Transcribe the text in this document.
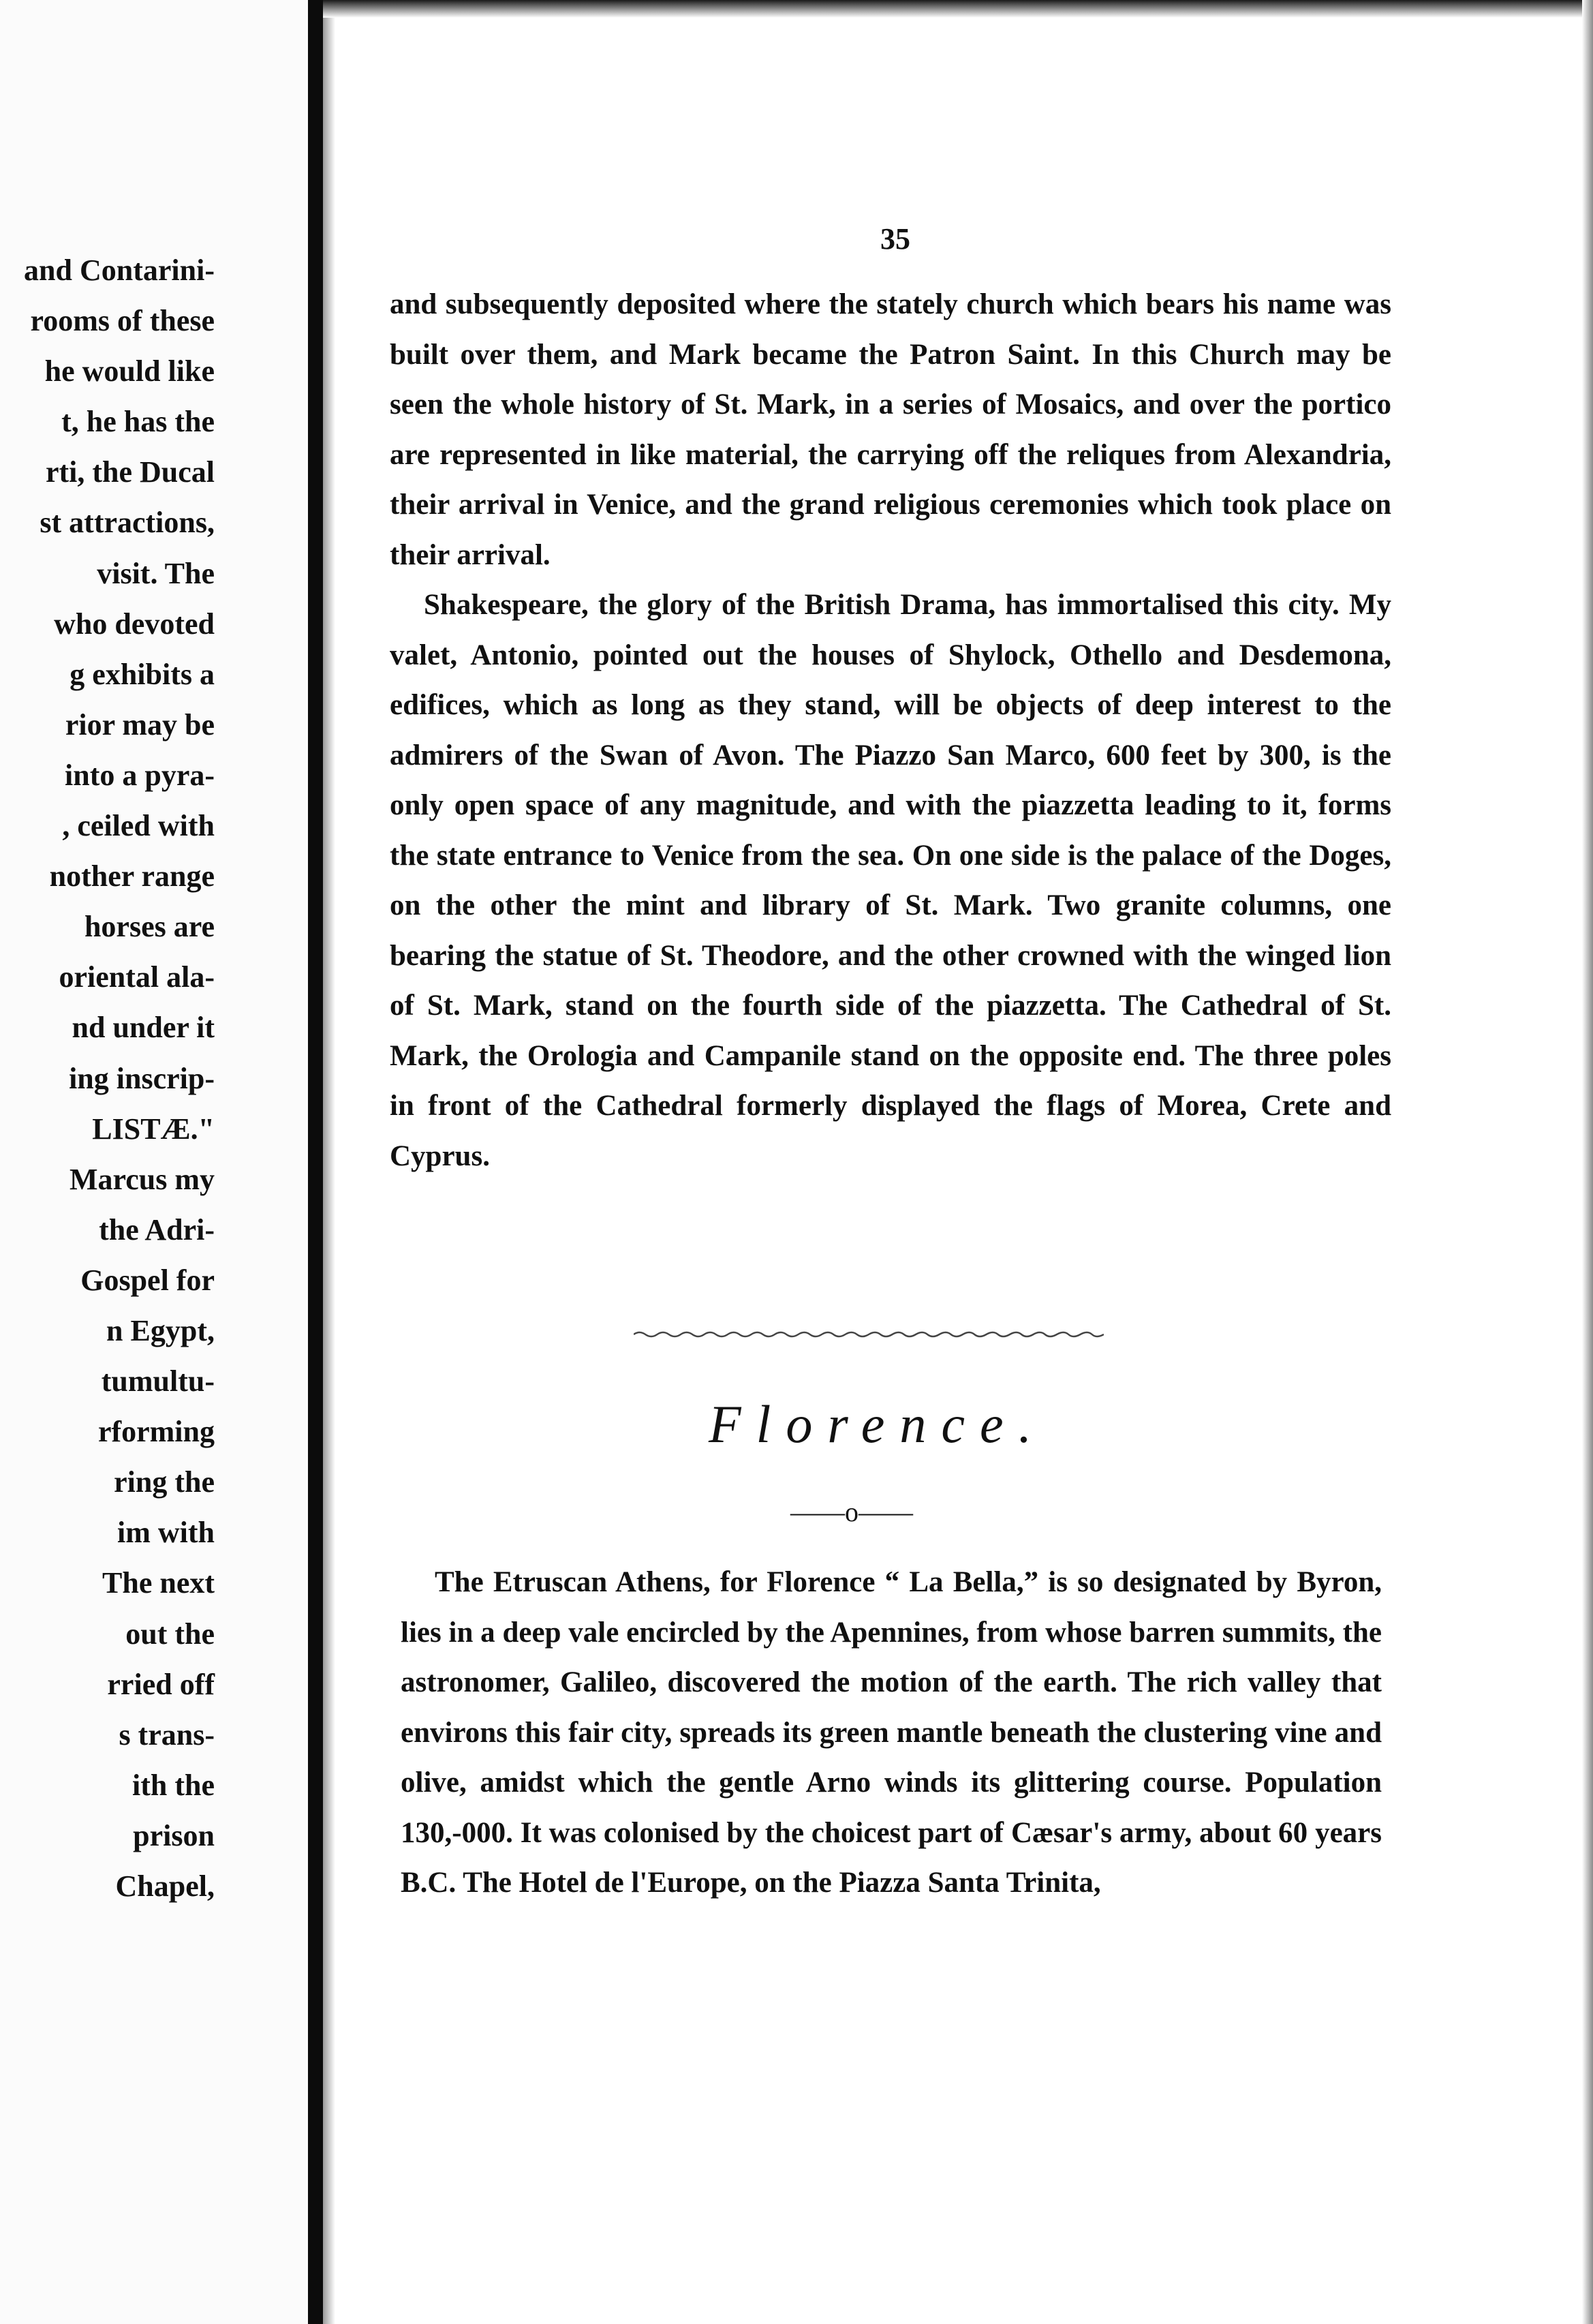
and Contarini-
rooms of these
he would like
t, he has the
rti, the Ducal
st attractions,
visit. The
who devoted
g exhibits a
rior may be
into a pyra-
, ceiled with
nother range
horses are
oriental ala-
nd under it
ing inscrip-
LISTÆ."
Marcus my
the Adri-
Gospel for
n Egypt,
tumultu-
rforming
ring the
im with
The next
out the
rried off
s trans-
ith the
prison
Chapel,
35

and subsequently deposited where the stately church which bears his name was built over them, and Mark became the Patron Saint. In this Church may be seen the whole history of St. Mark, in a series of Mosaics, and over the portico are represented in like material, the carrying off the reliques from Alexandria, their arrival in Venice, and the grand religious ceremonies which took place on their arrival.

Shakespeare, the glory of the British Drama, has immortalised this city. My valet, Antonio, pointed out the houses of Shylock, Othello and Desdemona, edifices, which as long as they stand, will be objects of deep interest to the admirers of the Swan of Avon. The Piazzo San Marco, 600 feet by 300, is the only open space of any magnitude, and with the piazzetta leading to it, forms the state entrance to Venice from the sea. On one side is the palace of the Doges, on the other the mint and library of St. Mark. Two granite columns, one bearing the statue of St. Theodore, and the other crowned with the winged lion of St. Mark, stand on the fourth side of the piazzetta. The Cathedral of St. Mark, the Orologia and Campanile stand on the opposite end. The three poles in front of the Cathedral formerly displayed the flags of Morea, Crete and Cyprus.

Florence.
——o——

The Etruscan Athens, for Florence “ La Bella,” is so designated by Byron, lies in a deep vale encircled by the Apennines, from whose barren summits, the astronomer, Galileo, discovered the motion of the earth. The rich valley that environs this fair city, spreads its green mantle beneath the clustering vine and olive, amidst which the gentle Arno winds its glittering course. Population 130,-000. It was colonised by the choicest part of Cæsar's army, about 60 years B.C. The Hotel de l'Europe, on the Piazza Santa Trinita,
